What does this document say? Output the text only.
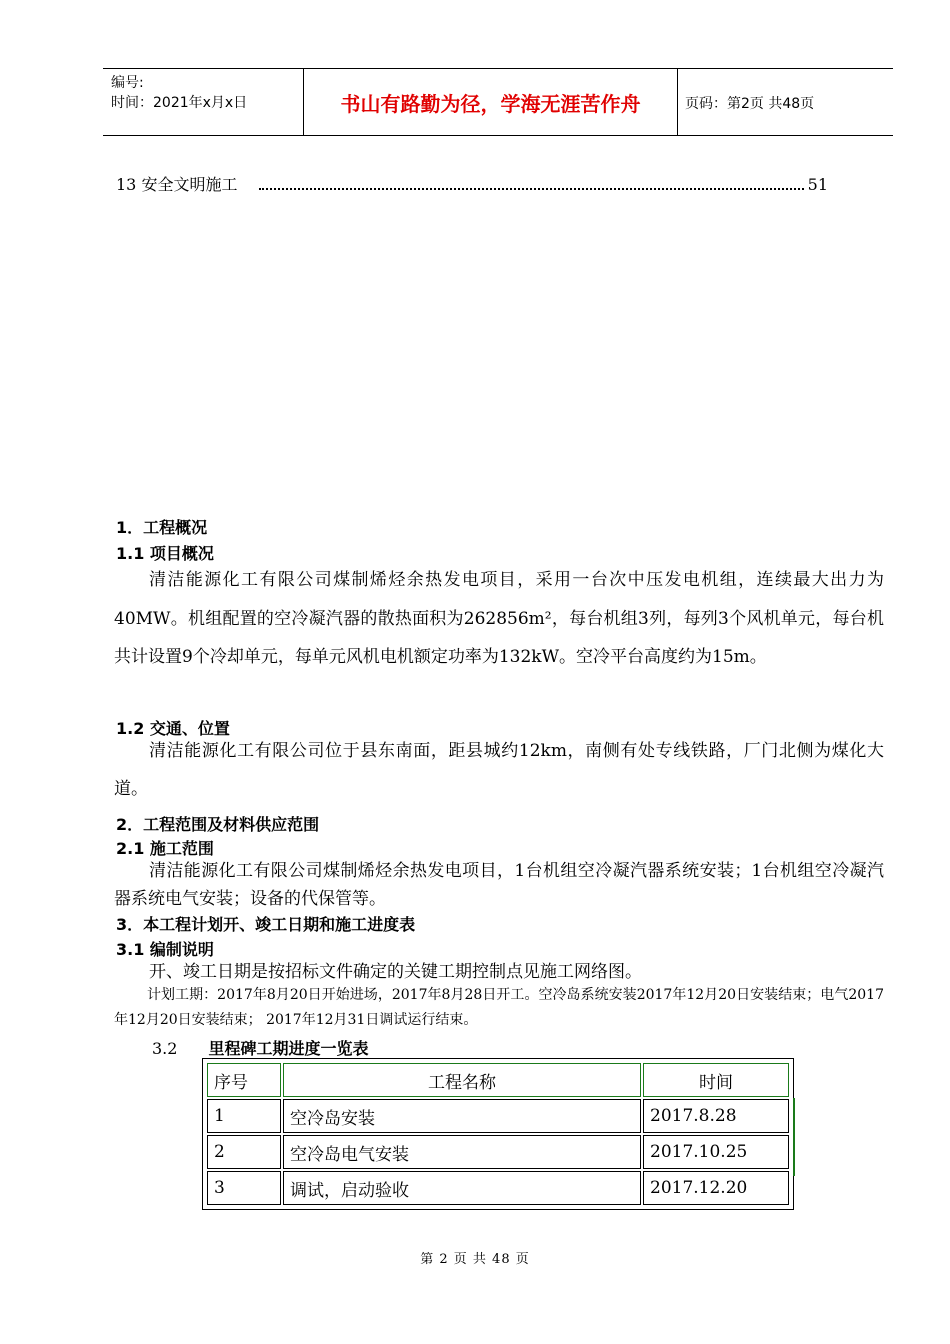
编号:
时间：2021年x月x日	书山有路勤为径，学海无涯苦作舟	页码：第2页 共48页
13 安全文明施工	51
1．工程概况
1.1 项目概况
清洁能源化工有限公司煤制烯烃余热发电项目，采用一台次中压发电机组，连续最大出力为40MW。机组配置的空冷凝汽器的散热面积为262856m²，每台机组3列，每列3个风机单元，每台机共计设置9个冷却单元，每单元风机电机额定功率为132kW。空冷平台高度约为15m。
1.2 交通、位置
清洁能源化工有限公司位于县东南面，距县城约12km，南侧有处专线铁路，厂门北侧为煤化大道。
2．工程范围及材料供应范围
2.1 施工范围
清洁能源化工有限公司煤制烯烃余热发电项目，1台机组空冷凝汽器系统安装；1台机组空冷凝汽器系统电气安装；设备的代保管等。
3．本工程计划开、竣工日期和施工进度表
3.1 编制说明
开、竣工日期是按招标文件确定的关键工期控制点见施工网络图。
计划工期：2017年8月20日开始进场，2017年8月28日开工。空冷岛系统安装2017年12月20日安装结束；电气2017年12月20日安装结束； 2017年12月31日调试运行结束。
3.2 里程碑工期进度一览表
序号	工程名称	时间
1	空冷岛安装	2017.8.28
2	空冷岛电气安装	2017.10.25
3	调试，启动验收	2017.12.20
第 2 页 共 48 页
